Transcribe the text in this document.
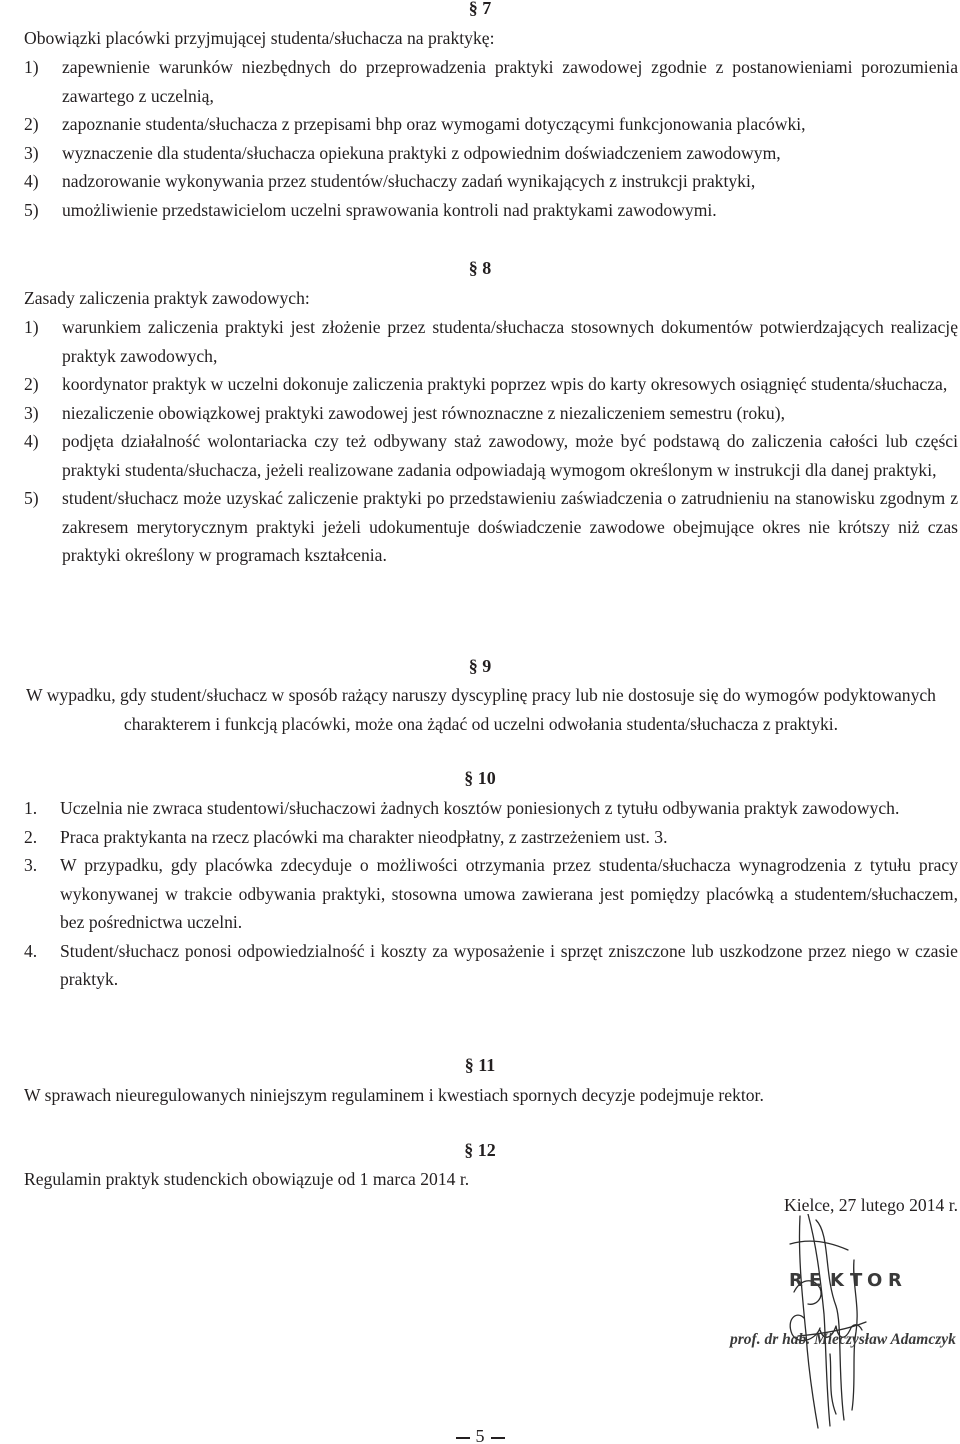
§ 7
Obowiązki placówki przyjmującej studenta/słuchacza na praktykę:
1) zapewnienie warunków niezbędnych do przeprowadzenia praktyki zawodowej zgodnie z postanowieniami porozumienia zawartego z uczelnią,
2) zapoznanie studenta/słuchacza z przepisami bhp oraz wymogami dotyczącymi funkcjonowania placówki,
3) wyznaczenie dla studenta/słuchacza opiekuna praktyki z odpowiednim doświadczeniem zawodowym,
4) nadzorowanie wykonywania przez studentów/słuchaczy zadań wynikających z instrukcji praktyki,
5) umożliwienie przedstawicielom uczelni sprawowania kontroli nad praktykami zawodowymi.
§ 8
Zasady zaliczenia praktyk zawodowych:
1) warunkiem zaliczenia praktyki jest złożenie przez studenta/słuchacza stosownych dokumentów potwierdzających realizację praktyk zawodowych,
2) koordynator praktyk w uczelni dokonuje zaliczenia praktyki poprzez wpis do karty okresowych osiągnięć studenta/słuchacza,
3) niezaliczenie obowiązkowej praktyki zawodowej jest równoznaczne z niezaliczeniem semestru (roku),
4) podjęta działalność wolontariacka czy też odbywany staż zawodowy, może być podstawą do zaliczenia całości lub części praktyki studenta/słuchacza, jeżeli realizowane zadania odpowiadają wymogom określonym w instrukcji dla danej praktyki,
5) student/słuchacz może uzyskać zaliczenie praktyki po przedstawieniu zaświadczenia o zatrudnieniu na stanowisku zgodnym z zakresem merytorycznym praktyki jeżeli udokumentuje doświadczenie zawodowe obejmujące okres nie krótszy niż czas praktyki określony w programach kształcenia.
§ 9
W wypadku, gdy student/słuchacz w sposób rażący naruszy dyscyplinę pracy lub nie dostosuje się do wymogów podyktowanych charakterem i funkcją placówki, może ona żądać od uczelni odwołania studenta/słuchacza z praktyki.
§ 10
1. Uczelnia nie zwraca studentowi/słuchaczowi żadnych kosztów poniesionych z tytułu odbywania praktyk zawodowych.
2. Praca praktykanta na rzecz placówki ma charakter nieodpłatny, z zastrzeżeniem ust. 3.
3. W przypadku, gdy placówka zdecyduje o możliwości otrzymania przez studenta/słuchacza wynagrodzenia z tytułu pracy wykonywanej w trakcie odbywania praktyki, stosowna umowa zawierana jest pomiędzy placówką a studentem/słuchaczem, bez pośrednictwa uczelni.
4. Student/słuchacz ponosi odpowiedzialność i koszty za wyposażenie i sprzęt zniszczone lub uszkodzone przez niego w czasie praktyk.
§ 11
W sprawach nieuregulowanych niniejszym regulaminem i kwestiach spornych decyzje podejmuje rektor.
§ 12
Regulamin praktyk studenckich obowiązuje od 1 marca 2014 r.
Kielce, 27 lutego 2014 r.
R E K T O R
prof. dr hab. Mieczysław Adamczyk
5
